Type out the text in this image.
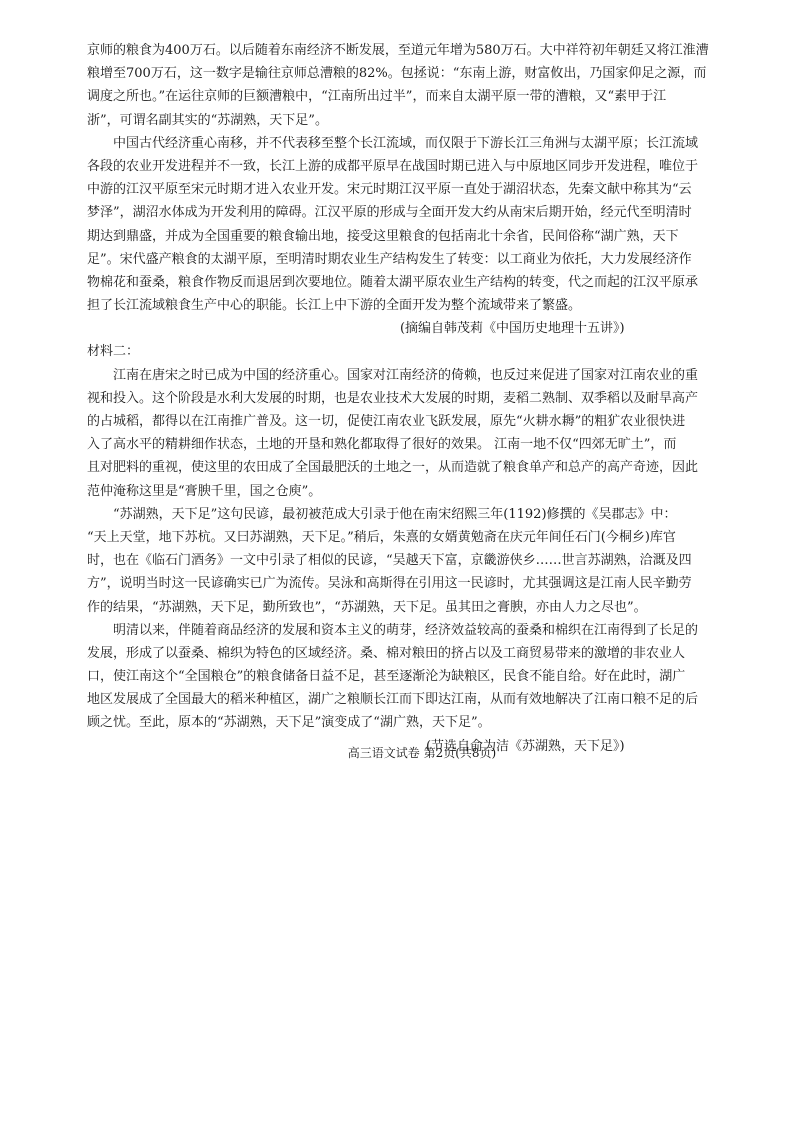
京师的粮食为400万石。以后随着东南经济不断发展，至道元年增为580万石。大中祥符初年朝廷又将江淮漕
粮增至700万石，这一数字是输往京师总漕粮的82%。包拯说：“东南上游，财富攸出，乃国家仰足之源，而
调度之所也。”在运往京师的巨额漕粮中，“江南所出过半”，而来自太湖平原一带的漕粮，又“素甲于江
浙”，可谓名副其实的“苏湖熟，天下足”。
　　中国古代经济重心南移，并不代表移至整个长江流域，而仅限于下游长江三角洲与太湖平原；长江流域
各段的农业开发进程并不一致，长江上游的成都平原早在战国时期已进入与中原地区同步开发进程，唯位于
中游的江汉平原至宋元时期才进入农业开发。宋元时期江汉平原一直处于湖沼状态，先秦文献中称其为“云
梦泽”，湖沼水体成为开发利用的障碍。江汉平原的形成与全面开发大约从南宋后期开始，经元代至明清时
期达到鼎盛，并成为全国重要的粮食输出地，接受这里粮食的包括南北十余省，民间俗称“湖广熟，天下
足”。宋代盛产粮食的太湖平原，至明清时期农业生产结构发生了转变：以工商业为依托，大力发展经济作
物棉花和蚕桑，粮食作物反而退居到次要地位。随着太湖平原农业生产结构的转变，代之而起的江汉平原承
担了长江流域粮食生产中心的职能。长江上中下游的全面开发为整个流域带来了繁盛。
(摘编自韩茂莉《中国历史地理十五讲》)
材料二：
　　江南在唐宋之时已成为中国的经济重心。国家对江南经济的倚赖，也反过来促进了国家对江南农业的重
视和投入。这个阶段是水利大发展的时期，也是农业技术大发展的时期，麦稻二熟制、双季稻以及耐旱高产
的占城稻，都得以在江南推广普及。这一切，促使江南农业飞跃发展，原先“火耕水耨”的粗犷农业很快进
入了高水平的精耕细作状态，土地的开垦和熟化都取得了很好的效果。 江南一地不仅“四郊无旷土”，而
且对肥料的重视，使这里的农田成了全国最肥沃的土地之一，从而造就了粮食单产和总产的高产奇迹，因此
范仲淹称这里是“膏腴千里，国之仓庾”。
　　“苏湖熟，天下足”这句民谚，最初被范成大引录于他在南宋绍熙三年(1192)修撰的《吴郡志》中：
“天上天堂，地下苏杭。又曰苏湖熟，天下足。”稍后，朱熹的女婿黄勉斋在庆元年间任石门(今桐乡)库官
时，也在《临石门酒务》一文中引录了相似的民谚，“吴越天下富，京畿游侠乡……世言苏湖熟，洽溉及四
方”，说明当时这一民谚确实已广为流传。吴泳和高斯得在引用这一民谚时，尤其强调这是江南人民辛勤劳
作的结果，“苏湖熟，天下足，勤所致也”，“苏湖熟，天下足。虽其田之膏腴，亦由人力之尽也”。
　　明清以来，伴随着商品经济的发展和资本主义的萌芽，经济效益较高的蚕桑和棉织在江南得到了长足的
发展，形成了以蚕桑、棉织为特色的区域经济。桑、棉对粮田的挤占以及工商贸易带来的激增的非农业人
口，使江南这个“全国粮仓”的粮食储备日益不足，甚至逐渐沦为缺粮区，民食不能自给。好在此时，湖广
地区发展成了全国最大的稻米种植区，湖广之粮顺长江而下即达江南，从而有效地解决了江南口粮不足的后
顾之忧。至此，原本的“苏湖熟，天下足”演变成了“湖广熟，天下足”。
(节选自俞为洁《苏湖熟，天下足》)
高三语文试卷 第2页(共8页)
